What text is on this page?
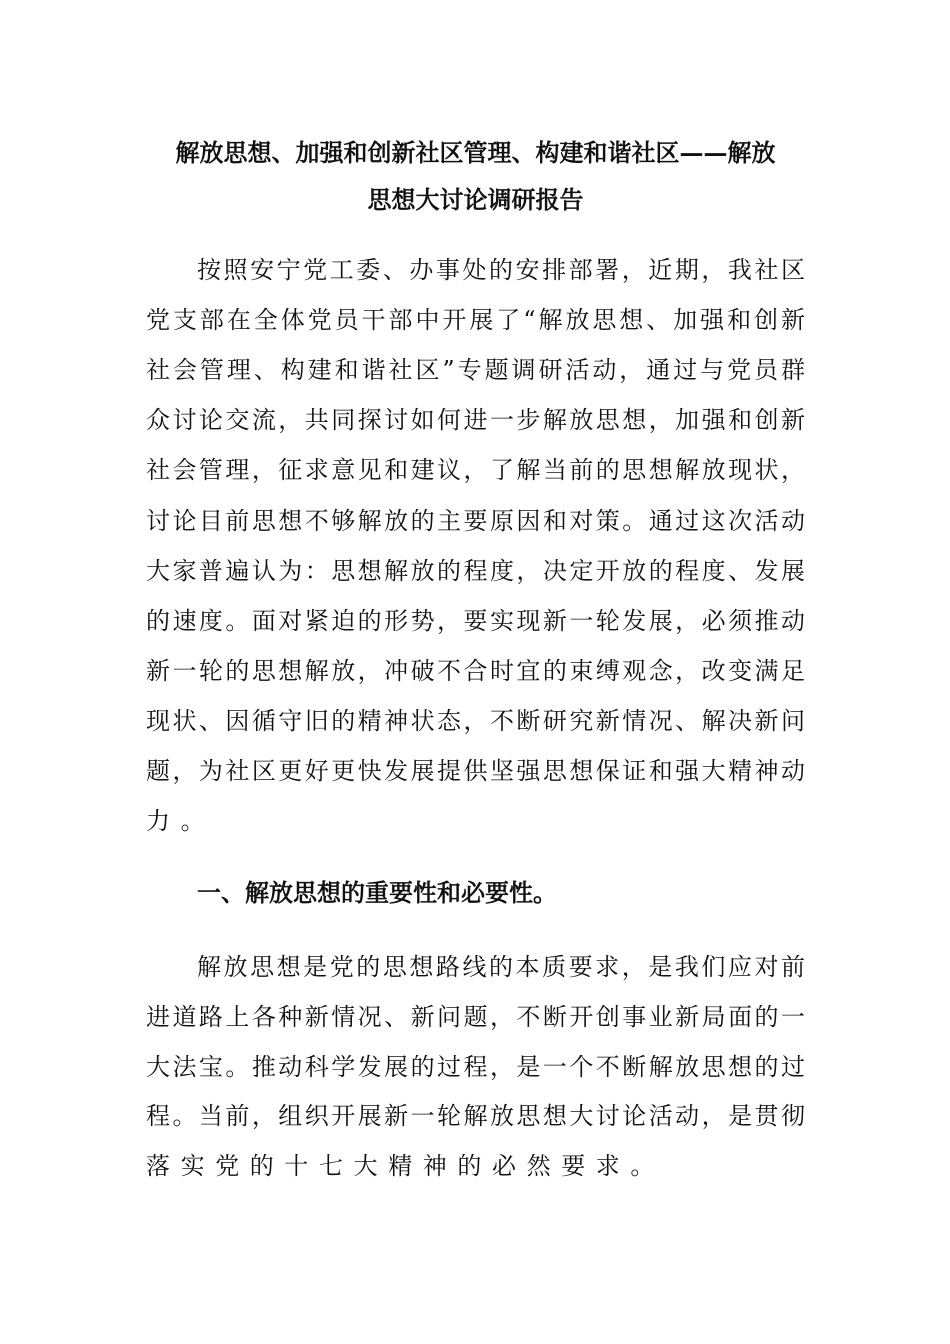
解放思想、加强和创新社区管理、构建和谐社区——解放
思想大讨论调研报告
按照安宁党工委、办事处的安排部署，近期，我社区
党支部在全体党员干部中开展了“解放思想、加强和创新
社会管理、构建和谐社区”专题调研活动，通过与党员群
众讨论交流，共同探讨如何进一步解放思想，加强和创新
社会管理，征求意见和建议，了解当前的思想解放现状，
讨论目前思想不够解放的主要原因和对策。通过这次活动
大家普遍认为：思想解放的程度，决定开放的程度、发展
的速度。面对紧迫的形势，要实现新一轮发展，必须推动
新一轮的思想解放，冲破不合时宜的束缚观念，改变满足
现状、因循守旧的精神状态，不断研究新情况、解决新问
题，为社区更好更快发展提供坚强思想保证和强大精神动
力。
一、解放思想的重要性和必要性。
解放思想是党的思想路线的本质要求，是我们应对前
进道路上各种新情况、新问题，不断开创事业新局面的一
大法宝。推动科学发展的过程，是一个不断解放思想的过
程。当前，组织开展新一轮解放思想大讨论活动，是贯彻
落实党的十七大精神的必然要求。
